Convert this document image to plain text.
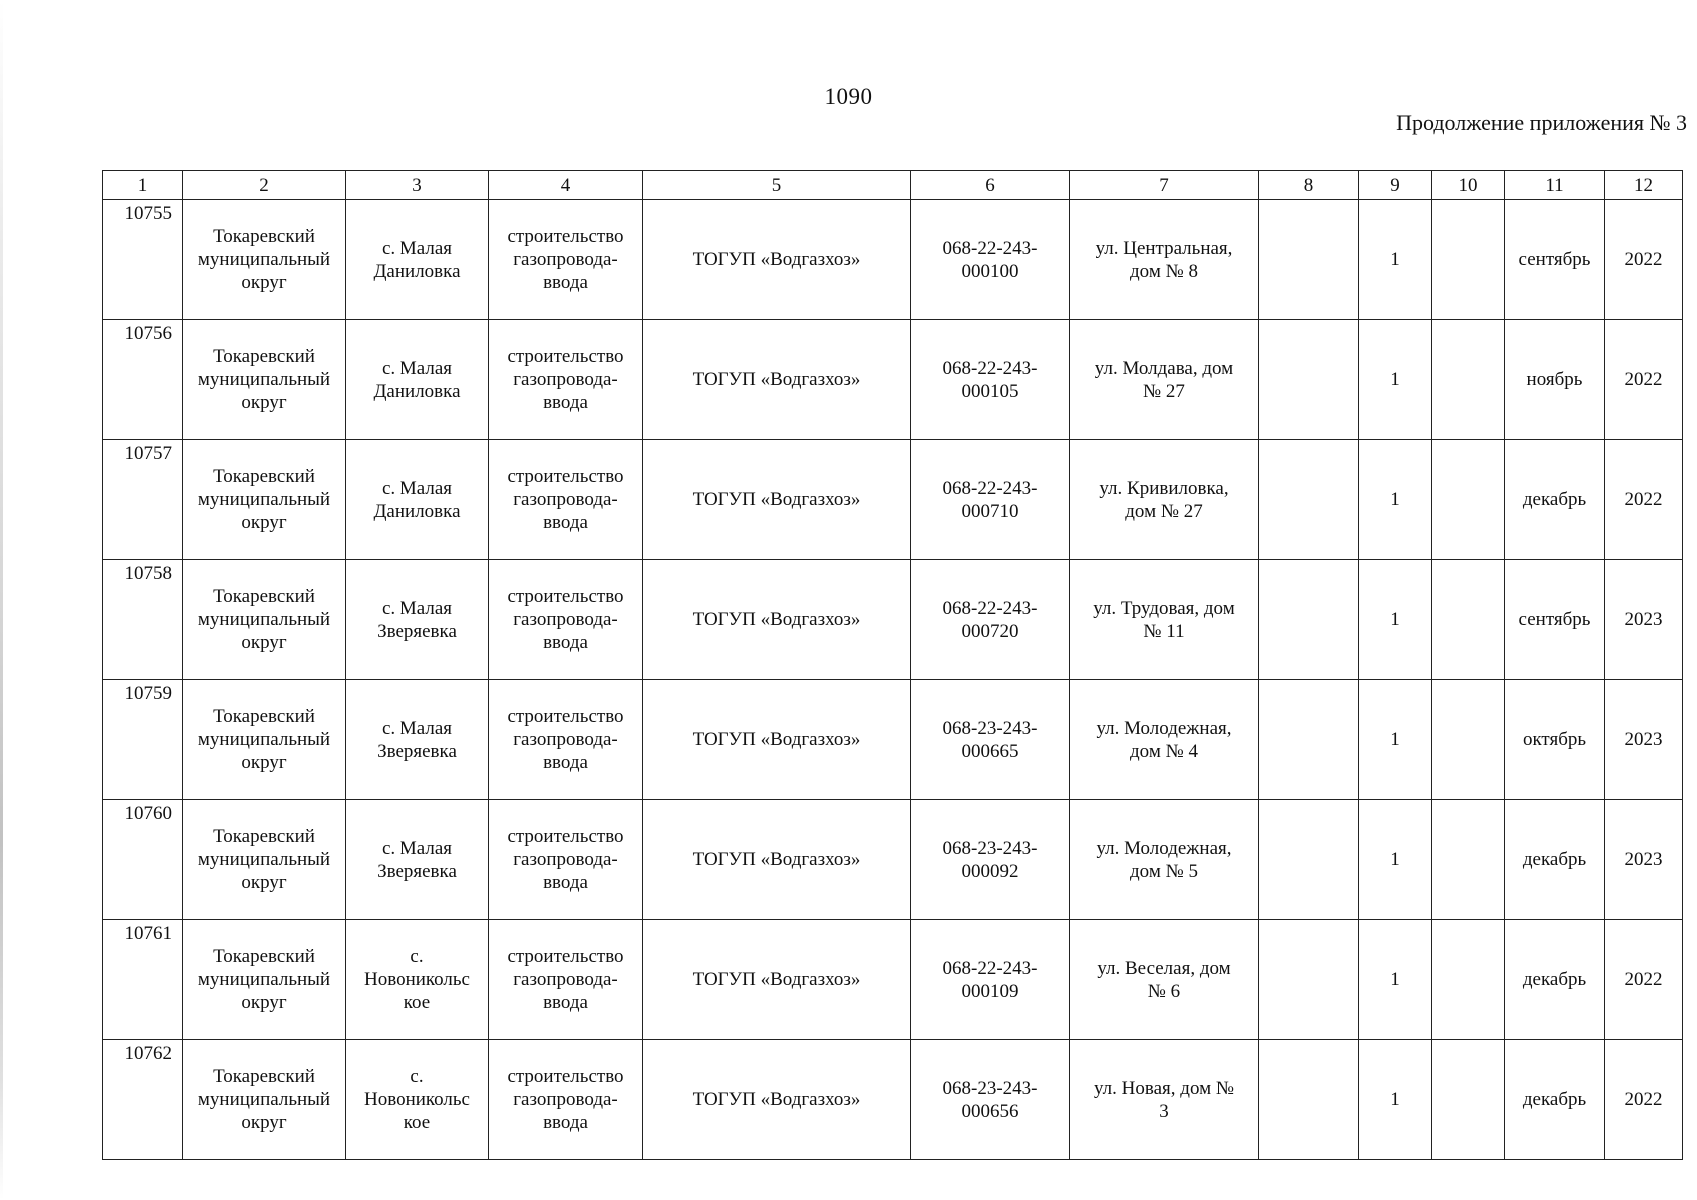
1090
Продолжение приложения № 3
1	2	3	4	5	6	7	8	9	10	11	12

10755	Токаревский
муниципальный
округ	с. Малая
Даниловка	строительство
газопровода-
ввода	ТОГУП «Водгазхоз»	068-22-243-
000100	ул. Центральная,
дом № 8		1		сентябрь	2022

10756	Токаревский
муниципальный
округ	с. Малая
Даниловка	строительство
газопровода-
ввода	ТОГУП «Водгазхоз»	068-22-243-
000105	ул. Молдава, дом
№ 27		1		ноябрь	2022

10757	Токаревский
муниципальный
округ	с. Малая
Даниловка	строительство
газопровода-
ввода	ТОГУП «Водгазхоз»	068-22-243-
000710	ул. Кривиловка,
дом № 27		1		декабрь	2022

10758	Токаревский
муниципальный
округ	с. Малая
Зверяевка	строительство
газопровода-
ввода	ТОГУП «Водгазхоз»	068-22-243-
000720	ул. Трудовая, дом
№ 11		1		сентябрь	2023

10759	Токаревский
муниципальный
округ	с. Малая
Зверяевка	строительство
газопровода-
ввода	ТОГУП «Водгазхоз»	068-23-243-
000665	ул. Молодежная,
дом № 4		1		октябрь	2023

10760	Токаревский
муниципальный
округ	с. Малая
Зверяевка	строительство
газопровода-
ввода	ТОГУП «Водгазхоз»	068-23-243-
000092	ул. Молодежная,
дом № 5		1		декабрь	2023

10761	Токаревский
муниципальный
округ	с.
Новоникольс
кое	строительство
газопровода-
ввода	ТОГУП «Водгазхоз»	068-22-243-
000109	ул. Веселая, дом
№ 6		1		декабрь	2022

10762	Токаревский
муниципальный
округ	с.
Новоникольс
кое	строительство
газопровода-
ввода	ТОГУП «Водгазхоз»	068-23-243-
000656	ул. Новая, дом №
3		1		декабрь	2022
